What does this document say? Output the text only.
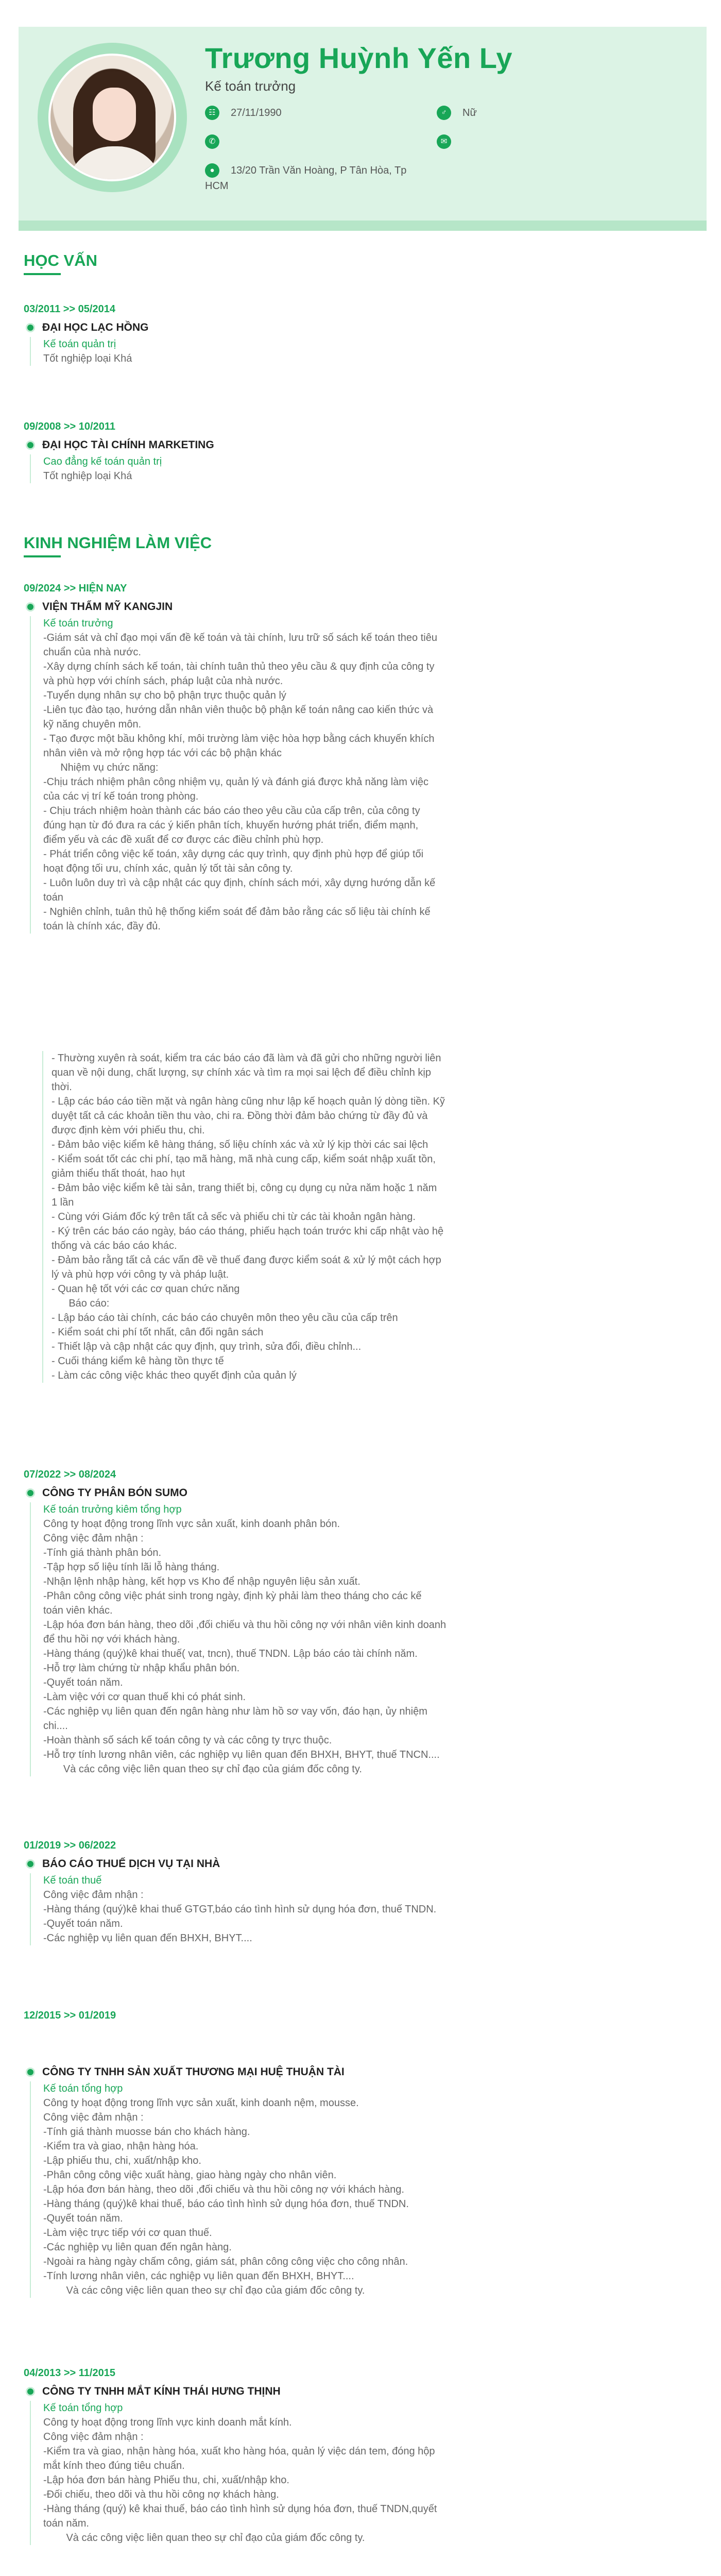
Trương Huỳnh Yến Ly
Kế toán trưởng
☷	27/11/1990	♂	Nữ
✆	✉
●	13/20 Trần Văn Hoàng, P Tân Hòa, Tp
HCM
HỌC VẤN
03/2011 >> 05/2014
ĐẠI HỌC LẠC HỒNG
Kế toán quản trị
Tốt nghiệp loại Khá
09/2008 >> 10/2011
ĐẠI HỌC TÀI CHÍNH MARKETING
Cao đẳng kế toán quản trị
Tốt nghiệp loại Khá
KINH NGHIỆM LÀM VIỆC
09/2024 >> HIỆN NAY
VIỆN THẨM MỸ KANGJIN
Kế toán trưởng
-Giám sát và chỉ đạo mọi vấn đề kế toán và tài chính, lưu trữ số sách kế toán theo tiêu
chuẩn của nhà nước.
-Xây dựng chính sách kế toán, tài chính tuân thủ theo yêu cầu & quy định của công ty
và phù hợp với chính sách, pháp luật của nhà nước.
-Tuyển dụng nhân sự cho bộ phận trực thuộc quản lý
-Liên tục đào tạo, hướng dẫn nhân viên thuộc bộ phận kế toán nâng cao kiến thức và
kỹ năng chuyên môn.
- Tạo được một bầu không khí, môi trường làm việc hòa hợp bằng cách khuyến khích
nhân viên và mở rộng hợp tác với các bộ phận khác
Nhiệm vụ chức năng:
-Chịu trách nhiệm phân công nhiệm vụ, quản lý và đánh giá được khả năng làm việc
của các vị trí kế toán trong phòng.
- Chịu trách nhiệm hoàn thành các báo cáo theo yêu cầu của cấp trên, của công ty
đúng hạn từ đó đưa ra các ý kiến phân tích, khuyến hướng phát triển, điểm mạnh,
điểm yếu và các đề xuất để cơ được các điều chỉnh phù hợp.
- Phát triển công việc kế toán, xây dựng các quy trình, quy định phù hợp để giúp tối
hoạt động tối ưu, chính xác, quản lý tốt tài sản công ty.
- Luôn luôn duy trì và cập nhật các quy định, chính sách mới, xây dựng hướng dẫn kế
toán
- Nghiên chỉnh, tuân thủ hệ thống kiểm soát để đảm bảo rằng các số liệu tài chính kế
toán là chính xác, đầy đủ.
- Thường xuyên rà soát, kiểm tra các báo cáo đã làm và đã gửi cho những người liên
quan về nội dung, chất lượng, sự chính xác và tìm ra mọi sai lệch để điều chỉnh kịp
thời.
- Lập các báo cáo tiền mặt và ngân hàng cũng như lập kế hoạch quản lý dòng tiền. Kỹ
duyệt tất cả các khoản tiền thu vào, chi ra. Đồng thời đảm bảo chứng từ đầy đủ và
được định kèm với phiếu thu, chi.
- Đảm bảo việc kiểm kê hàng tháng, số liệu chính xác và xử lý kịp thời các sai lệch
- Kiểm soát tốt các chi phí, tạo mã hàng, mã nhà cung cấp, kiểm soát nhập xuất tồn,
giảm thiểu thất thoát, hao hụt
- Đảm bảo việc kiểm kê tài sản, trang thiết bị, công cụ dụng cụ nửa năm hoặc 1 năm
1 lần
- Cùng với Giám đốc ký trên tất cả sếc và phiếu chi từ các tài khoản ngân hàng.
- Ký trên các báo cáo ngày, báo cáo tháng, phiếu hạch toán trước khi cấp nhật vào hệ
thống và các báo cáo khác.
- Đảm bảo rằng tất cả các vấn đề về thuế đang được kiểm soát & xử lý một cách hợp
lý và phù hợp với công ty và pháp luật.
- Quan hệ tốt với các cơ quan chức năng
Báo cáo:
- Lập báo cáo tài chính, các báo cáo chuyên môn theo yêu cầu của cấp trên
- Kiểm soát chi phí tốt nhất, cân đối ngân sách
- Thiết lập và cập nhật các quy định, quy trình, sửa đổi, điều chỉnh...
- Cuối tháng kiểm kê hàng tồn thực tế
- Làm các công việc khác theo quyết định của quản lý
07/2022 >> 08/2024
CÔNG TY PHÂN BÓN SUMO
Kế toán trưởng kiêm tổng hợp
Công ty hoạt động trong lĩnh vực sản xuất, kinh doanh phân bón.
Công việc đảm nhận :
-Tính giá thành phân bón.
-Tập hợp số liệu tính lãi lỗ hàng tháng.
-Nhận lệnh nhập hàng, kết hợp vs Kho để nhập nguyên liệu sản xuất.
-Phân công công việc phát sinh trong ngày, định kỳ phải làm theo tháng cho các kế
toán viên khác.
-Lập hóa đơn bán hàng, theo dõi ,đối chiếu và thu hồi công nợ với nhân viên kinh doanh
để thu hồi nợ với khách hàng.
-Hàng tháng (quý)kê khai thuế( vat, tncn), thuế TNDN. Lập báo cáo tài chính năm.
-Hỗ trợ làm chứng từ nhập khẩu phân bón.
-Quyết toán năm.
-Làm việc với cơ quan thuế khi có phát sinh.
-Các nghiệp vụ liên quan đến ngân hàng như làm hồ sơ vay vốn, đáo hạn, ủy nhiệm
chi....
-Hoàn thành số sách kế toán công ty và các công ty trực thuộc.
-Hỗ trợ tính lương nhân viên, các nghiệp vụ liên quan đến BHXH, BHYT, thuế TNCN....
Và các công việc liên quan theo sự chỉ đạo của giám đốc công ty.
01/2019 >> 06/2022
BÁO CÁO THUẾ DỊCH VỤ TẠI NHÀ
Kế toán thuế
Công việc đảm nhận :
-Hàng tháng (quý)kê khai thuế GTGT,báo cáo tình hình sử dụng hóa đơn, thuế TNDN.
-Quyết toán năm.
-Các nghiệp vụ liên quan đến BHXH, BHYT....
12/2015 >> 01/2019
CÔNG TY TNHH SẢN XUẤT THƯƠNG MẠI HUỆ THUẬN TÀI
Kế toán tổng hợp
Công ty hoạt động trong lĩnh vực sản xuất, kinh doanh nệm, mousse.
Công việc đảm nhận :
-Tính giá thành muosse bán cho khách hàng.
-Kiểm tra và giao, nhận hàng hóa.
-Lập phiếu thu, chi, xuất/nhập kho.
-Phân công công việc xuất hàng, giao hàng ngày cho nhân viên.
-Lập hóa đơn bán hàng, theo dõi ,đối chiếu và thu hồi công nợ với khách hàng.
-Hàng tháng (quý)kê khai thuế, báo cáo tình hình sử dụng hóa đơn, thuế TNDN.
-Quyết toán năm.
-Làm việc trực tiếp với cơ quan thuế.
-Các nghiệp vụ liên quan đến ngân hàng.
-Ngoài ra hàng ngày chấm công, giám sát, phân công công việc cho công nhân.
-Tính lương nhân viên, các nghiệp vụ liên quan đến BHXH, BHYT....
Và các công việc liên quan theo sự chỉ đạo của giám đốc công ty.
04/2013 >> 11/2015
CÔNG TY TNHH MẮT KÍNH THÁI HƯNG THỊNH
Kế toán tổng hợp
Công ty hoạt động trong lĩnh vực kinh doanh mắt kính.
Công việc đảm nhận :
-Kiểm tra và giao, nhận hàng hóa, xuất kho hàng hóa, quản lý việc dán tem, đóng hộp
mắt kính theo đúng tiêu chuẩn.
-Lập hóa đơn bán hàng Phiếu thu, chi, xuất/nhập kho.
-Đối chiếu, theo dõi và thu hồi công nợ khách hàng.
-Hàng tháng (quý) kê khai thuế, báo cáo tình hình sử dụng hóa đơn, thuế TNDN,quyết
toán năm.
Và các công việc liên quan theo sự chỉ đạo của giám đốc công ty.
